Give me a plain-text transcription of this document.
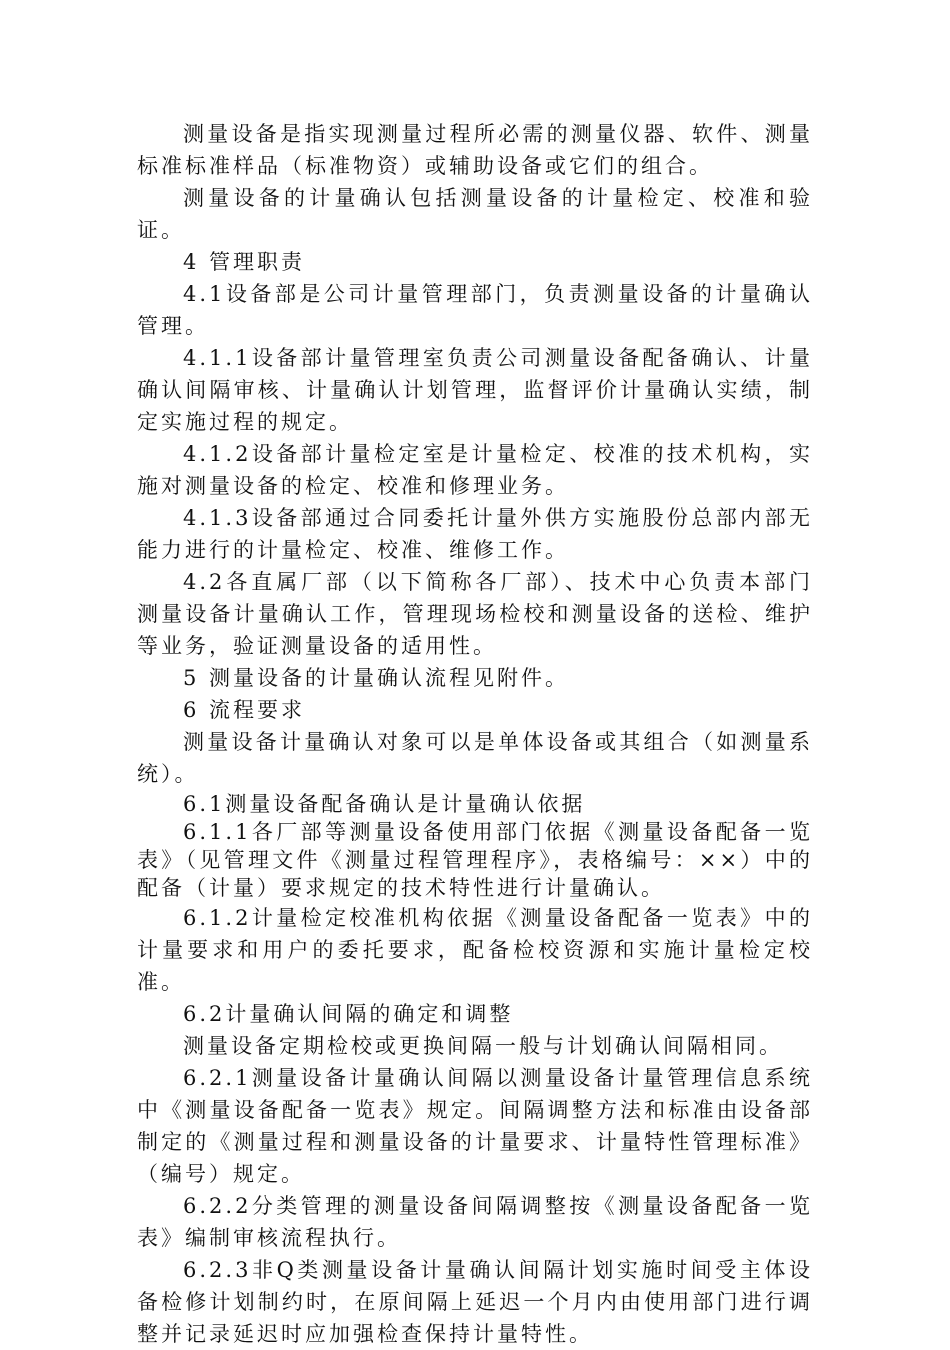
测量设备是指实现测量过程所必需的测量仪器、软件、测量标准标准样品（标准物资）或辅助设备或它们的组合。

测量设备的计量确认包括测量设备的计量检定、校准和验证。

4 管理职责

4.1设备部是公司计量管理部门，负责测量设备的计量确认管理。

4.1.1设备部计量管理室负责公司测量设备配备确认、计量确认间隔审核、计量确认计划管理，监督评价计量确认实绩，制定实施过程的规定。

4.1.2设备部计量检定室是计量检定、校准的技术机构，实施对测量设备的检定、校准和修理业务。

4.1.3设备部通过合同委托计量外供方实施股份总部内部无能力进行的计量检定、校准、维修工作。

4.2各直属厂部（以下简称各厂部）、技术中心负责本部门测量设备计量确认工作，管理现场检校和测量设备的送检、维护等业务，验证测量设备的适用性。

5 测量设备的计量确认流程见附件。

6 流程要求

测量设备计量确认对象可以是单体设备或其组合（如测量系统）。

6.1测量设备配备确认是计量确认依据

6.1.1各厂部等测量设备使用部门依据《测量设备配备一览表》（见管理文件《测量过程管理程序》，表格编号：××）中的配备（计量）要求规定的技术特性进行计量确认。

6.1.2计量检定校准机构依据《测量设备配备一览表》中的计量要求和用户的委托要求，配备检校资源和实施计量检定校准。

6.2计量确认间隔的确定和调整

测量设备定期检校或更换间隔一般与计划确认间隔相同。

6.2.1测量设备计量确认间隔以测量设备计量管理信息系统中《测量设备配备一览表》规定。间隔调整方法和标准由设备部制定的《测量过程和测量设备的计量要求、计量特性管理标准》（编号）规定。

6.2.2分类管理的测量设备间隔调整按《测量设备配备一览表》编制审核流程执行。

6.2.3非Q类测量设备计量确认间隔计划实施时间受主体设备检修计划制约时，在原间隔上延迟一个月内由使用部门进行调整并记录延迟时应加强检查保持计量特性。
